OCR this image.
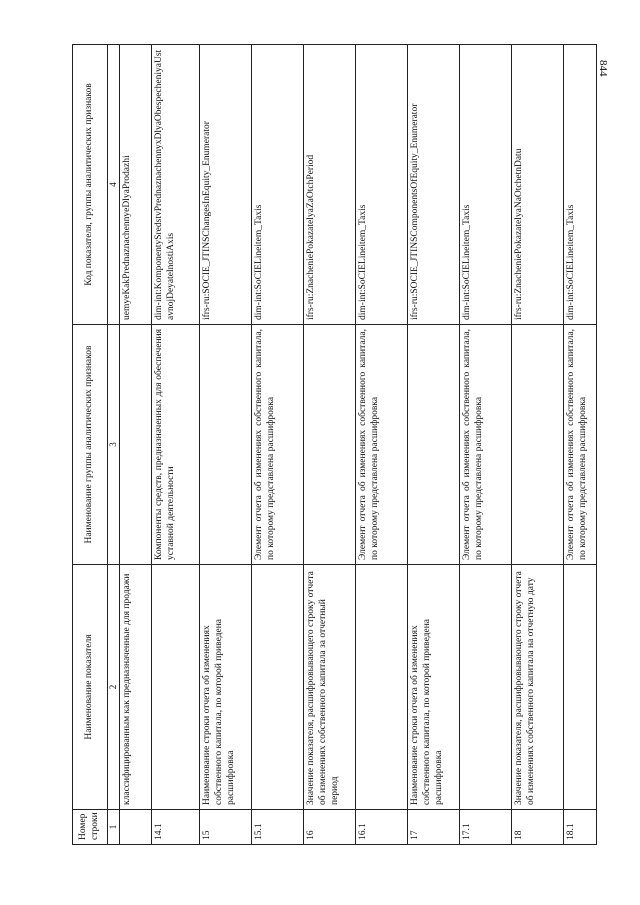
844
Номер строки	Наименование показателя	Наименование группы аналитических признаков	Код показателя, группы аналитических признаков
1	2	3	4
	классифицированным как предназначенные для продажи		uemyeKakPrednaznachennyeDlyaProdazhi
14.1		Компоненты средств, предназначенных для обеспечения уставной деятельности	dim-int:KomponentySredstvPrednaznachennyxDlyaObespecheniyaUstavnojDeyatelnostiAxis
15	Наименование строки отчета об изменениях собственного капитала, по которой приведена расшифровка		ifrs-ru:SOCIE_JTINSChangesInEquity_Enumerator
15.1		Элемент отчета об изменениях собственного капитала, по которому представлена расшифровка	dim-int:SoCIELineitem_Taxis
16	Значение показателя, расшифровывающего строку отчета об изменениях собственного капитала за отчетный период		ifrs-ru:ZnacheniePokazatelyaZaOtchPeriod
16.1		Элемент отчета об изменениях собственного капитала, по которому представлена расшифровка	dim-int:SoCIELineitem_Taxis
17	Наименование строки отчета об изменениях собственного капитала, по которой приведена расшифровка		ifrs-ru:SOCIE_JTINSComponentsOfEquity_Enumerator
17.1		Элемент отчета об изменениях собственного капитала, по которому представлена расшифровка	dim-int:SoCIELineitem_Taxis
18	Значение показателя, расшифровывающего строку отчета об изменениях собственного капитала на отчетную дату		ifrs-ru:ZnacheniePokazatelyaNaOtchetnDatu
18.1		Элемент отчета об изменениях собственного капитала, по которому представлена расшифровка	dim-int:SoCIELineitem_Taxis
